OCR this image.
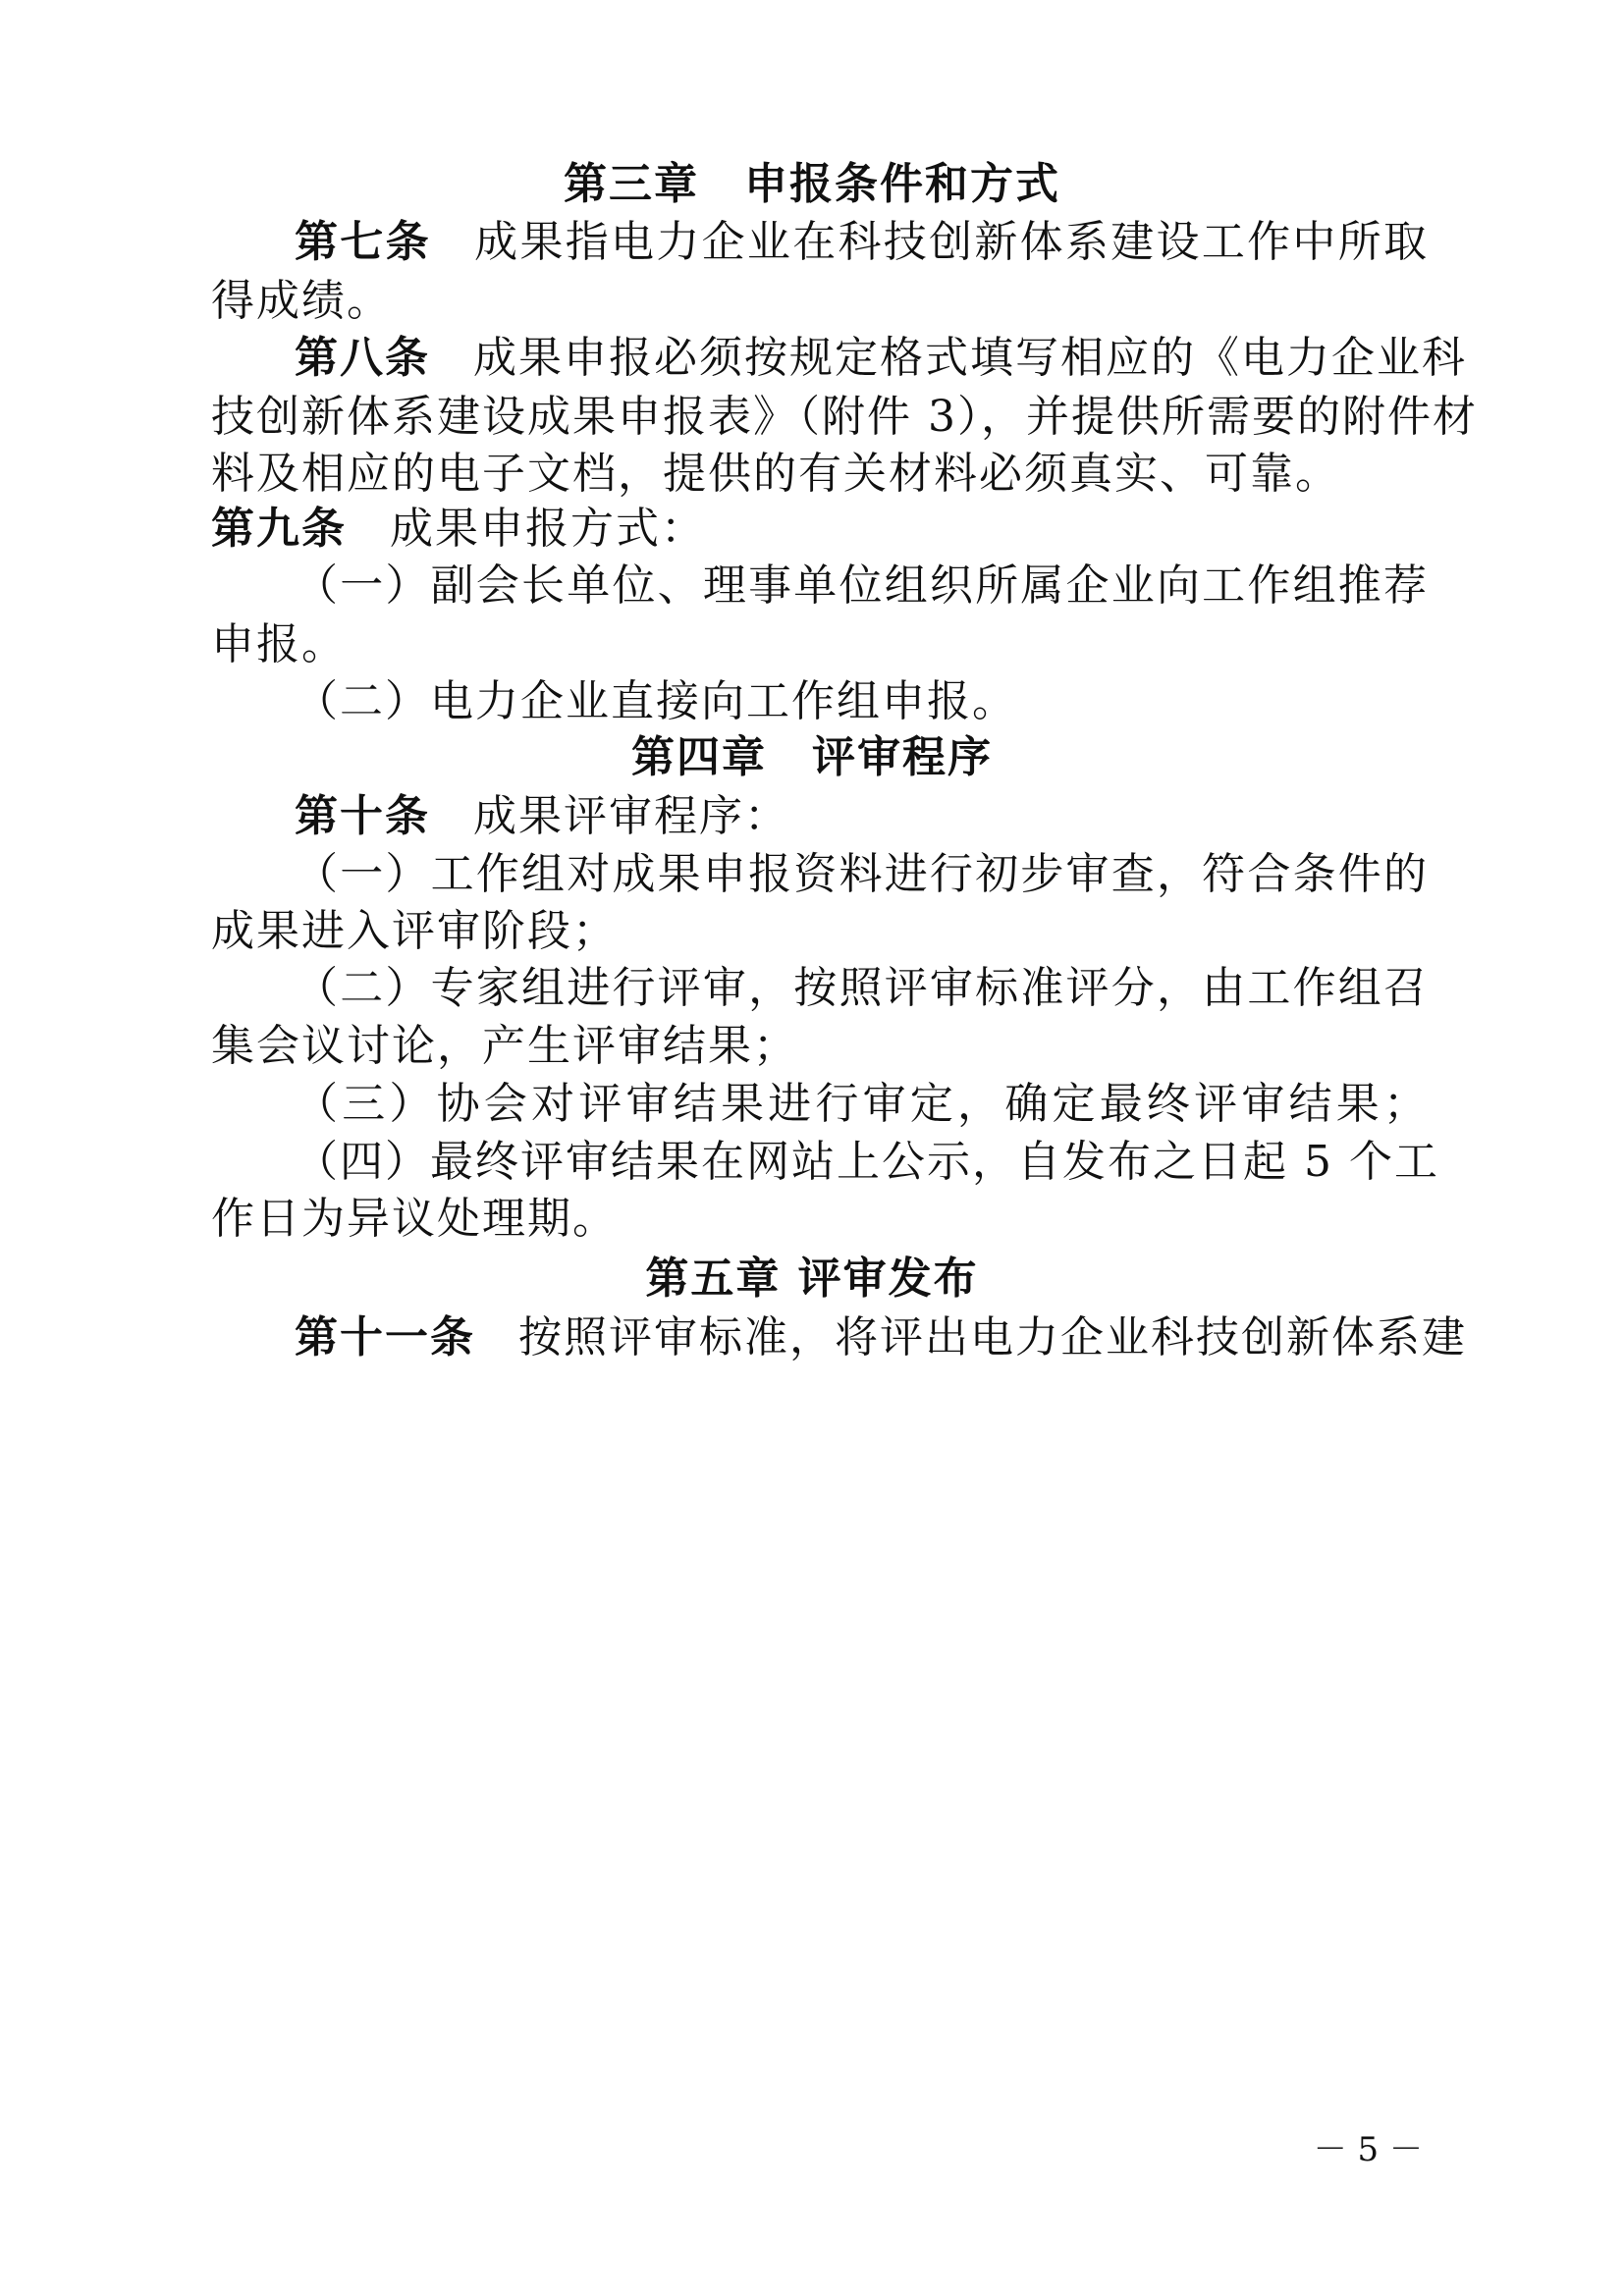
第三章　申报条件和方式
第七条 成果指电力企业在科技创新体系建设工作中所取
得成绩。
第八条 成果申报必须按规定格式填写相应的《电力企业科
技创新体系建设成果申报表》（附件 3），并提供所需要的附件材
料及相应的电子文档，提供的有关材料必须真实、可靠。
第九条 成果申报方式：
（一）副会长单位、理事单位组织所属企业向工作组推荐
申报。
（二）电力企业直接向工作组申报。
第四章　评审程序
第十条 成果评审程序：
（一）工作组对成果申报资料进行初步审查，符合条件的
成果进入评审阶段；
（二）专家组进行评审，按照评审标准评分，由工作组召
集会议讨论，产生评审结果；
（三）协会对评审结果进行审定，确定最终评审结果；
（四）最终评审结果在网站上公示，自发布之日起 5 个工
作日为异议处理期。
第五章 评审发布
第十一条 按照评审标准，将评出电力企业科技创新体系建
－ 5 －
